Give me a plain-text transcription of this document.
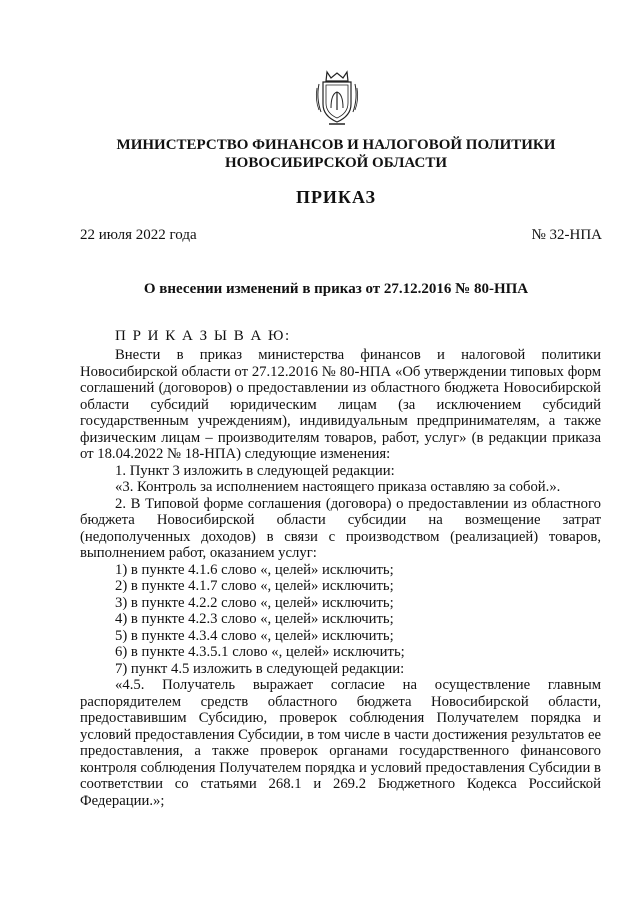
МИНИСТЕРСТВО ФИНАНСОВ И НАЛОГОВОЙ ПОЛИТИКИ
НОВОСИБИРСКОЙ ОБЛАСТИ
ПРИКАЗ
22 июля 2022 года	№ 32-НПА
О внесении изменений в приказ от 27.12.2016 № 80-НПА
П Р И К А З Ы В А Ю:

Внести в приказ министерства финансов и налоговой политики Новосибирской области от 27.12.2016 № 80-НПА «Об утверждении типовых форм соглашений (договоров) о предоставлении из областного бюджета Новосибирской области субсидий юридическим лицам (за исключением субсидий государственным учреждениям), индивидуальным предпринимателям, а также физическим лицам – производителям товаров, работ, услуг» (в редакции приказа от 18.04.2022 № 18-НПА) следующие изменения:

1. Пункт 3 изложить в следующей редакции:

«3. Контроль за исполнением настоящего приказа оставляю за собой.».

2. В Типовой форме соглашения (договора) о предоставлении из областного бюджета Новосибирской области субсидии на возмещение затрат (недополученных доходов) в связи с производством (реализацией) товаров, выполнением работ, оказанием услуг:

1) в пункте 4.1.6 слово «, целей» исключить;

2) в пункте 4.1.7 слово «, целей» исключить;

3) в пункте 4.2.2 слово «, целей» исключить;

4) в пункте 4.2.3 слово «, целей» исключить;

5) в пункте 4.3.4 слово «, целей» исключить;

6) в пункте 4.3.5.1 слово «, целей» исключить;

7) пункт 4.5 изложить в следующей редакции:

«4.5. Получатель выражает согласие на осуществление главным распорядителем средств областного бюджета Новосибирской области, предоставившим Субсидию, проверок соблюдения Получателем порядка и условий предоставления Субсидии, в том числе в части достижения результатов ее предоставления, а также проверок органами государственного финансового контроля соблюдения Получателем порядка и условий предоставления Субсидии в соответствии со статьями 268.1 и 269.2 Бюджетного Кодекса Российской Федерации.»;
